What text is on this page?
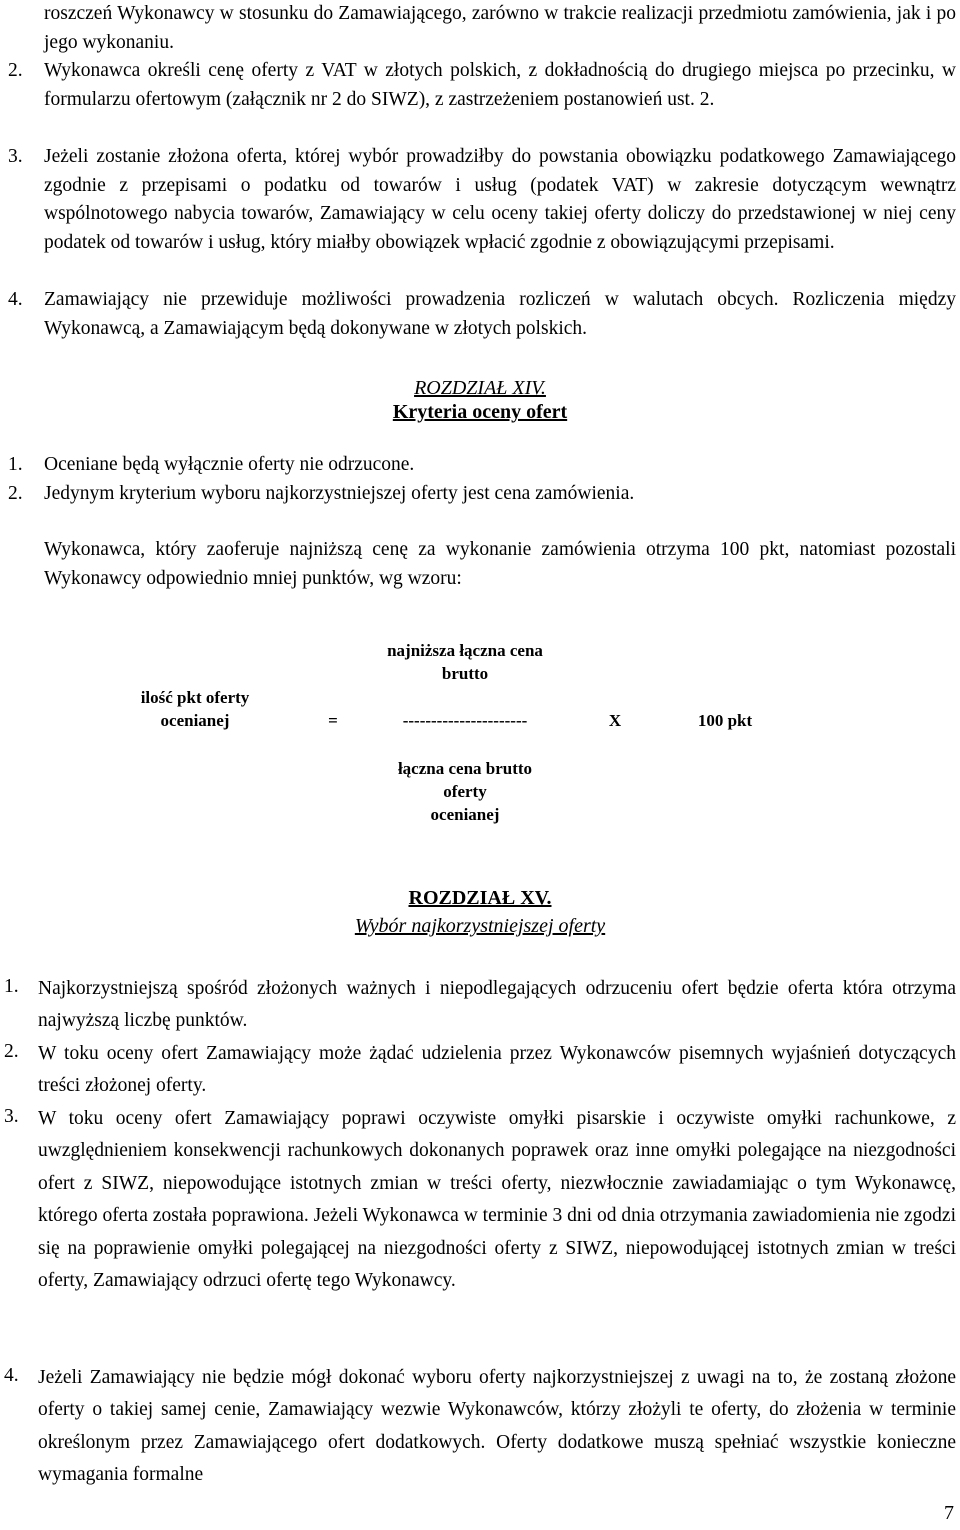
roszczeń Wykonawcy w stosunku do Zamawiającego, zarówno w trakcie realizacji przedmiotu zamówienia, jak i po jego wykonaniu.
2. Wykonawca określi cenę oferty z VAT w złotych polskich, z dokładnością do drugiego miejsca po przecinku, w formularzu ofertowym (załącznik nr 2 do SIWZ), z zastrzeżeniem postanowień ust. 2.
3. Jeżeli zostanie złożona oferta, której wybór prowadziłby do powstania obowiązku podatkowego Zamawiającego zgodnie z przepisami o podatku od towarów i usług (podatek VAT) w zakresie dotyczącym wewnątrz wspólnotowego nabycia towarów, Zamawiający w celu oceny takiej oferty doliczy do przedstawionej w niej ceny podatek od towarów i usług, który miałby obowiązek wpłacić zgodnie z obowiązującymi przepisami.
4. Zamawiający nie przewiduje możliwości prowadzenia rozliczeń w walutach obcych. Rozliczenia między Wykonawcą, a Zamawiającym będą dokonywane w złotych polskich.
ROZDZIAŁ XIV.
Kryteria oceny ofert
1. Oceniane będą wyłącznie oferty nie odrzucone.
2. Jedynym kryterium wyboru najkorzystniejszej oferty jest cena zamówienia.
Wykonawca, który zaoferuje najniższą cenę za wykonanie zamówienia otrzyma 100 pkt, natomiast pozostali Wykonawcy odpowiednio mniej punktów, wg wzoru:
najniższa łączna cena
brutto
ilość pkt oferty
ocenianej	=	----------------------	X	100 pkt
łączna cena brutto
oferty
ocenianej
ROZDZIAŁ XV.
Wybór najkorzystniejszej oferty
1. Najkorzystniejszą spośród złożonych ważnych i niepodlegających odrzuceniu ofert będzie oferta która otrzyma najwyższą liczbę punktów.
2. W toku oceny ofert Zamawiający może żądać udzielenia przez Wykonawców pisemnych wyjaśnień dotyczących treści złożonej oferty.
3. W toku oceny ofert Zamawiający poprawi oczywiste omyłki pisarskie i oczywiste omyłki rachunkowe, z uwzględnieniem konsekwencji rachunkowych dokonanych poprawek oraz inne omyłki polegające na niezgodności ofert z SIWZ, niepowodujące istotnych zmian w treści oferty, niezwłocznie zawiadamiając o tym Wykonawcę, którego oferta została poprawiona. Jeżeli Wykonawca w terminie 3 dni od dnia otrzymania zawiadomienia nie zgodzi się na poprawienie omyłki polegającej na niezgodności oferty z SIWZ, niepowodującej istotnych zmian w treści oferty, Zamawiający odrzuci ofertę tego Wykonawcy.
4. Jeżeli Zamawiający nie będzie mógł dokonać wyboru oferty najkorzystniejszej z uwagi na to, że zostaną złożone oferty o takiej samej cenie, Zamawiający wezwie Wykonawców, którzy złożyli te oferty, do złożenia w terminie określonym przez Zamawiającego ofert dodatkowych. Oferty dodatkowe muszą spełniać wszystkie konieczne wymagania formalne
7
